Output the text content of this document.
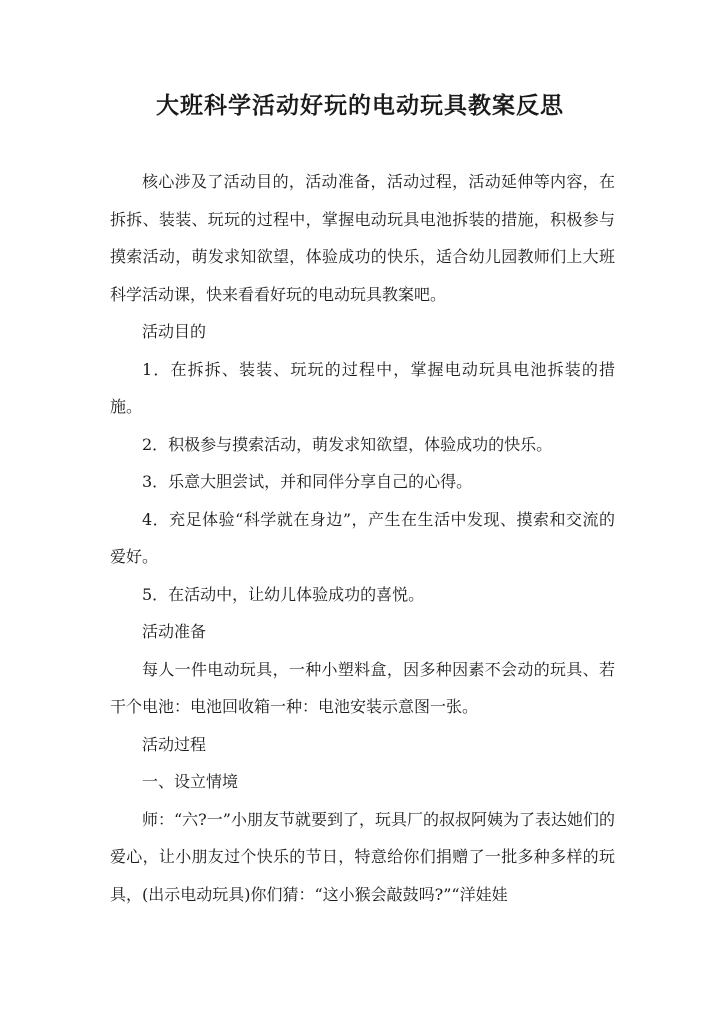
大班科学活动好玩的电动玩具教案反思

核心涉及了活动目的，活动准备，活动过程，活动延伸等内容，在拆拆、装装、玩玩的过程中，掌握电动玩具电池拆装的措施，积极参与摸索活动，萌发求知欲望，体验成功的快乐，适合幼儿园教师们上大班科学活动课，快来看看好玩的电动玩具教案吧。

活动目的

1．在拆拆、装装、玩玩的过程中，掌握电动玩具电池拆装的措施。

2．积极参与摸索活动，萌发求知欲望，体验成功的快乐。

3．乐意大胆尝试，并和同伴分享自己的心得。

4．充足体验“科学就在身边”，产生在生活中发现、摸索和交流的爱好。

5．在活动中，让幼儿体验成功的喜悦。

活动准备

每人一件电动玩具，一种小塑料盒，因多种因素不会动的玩具、若干个电池：电池回收箱一种：电池安装示意图一张。

活动过程

一、设立情境

师：“六?一”小朋友节就要到了，玩具厂的叔叔阿姨为了表达她们的爱心，让小朋友过个快乐的节日，特意给你们捐赠了一批多种多样的玩具，(出示电动玩具)你们猜：“这小猴会敲鼓吗?”“洋娃娃
